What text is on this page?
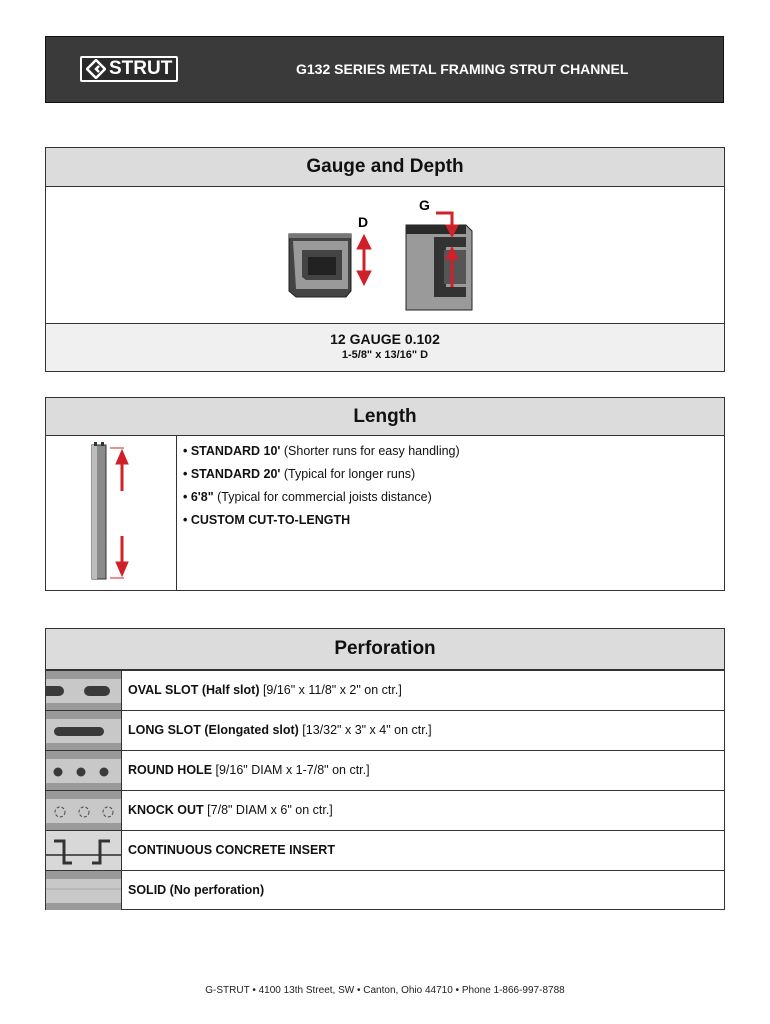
STRUT	G132 SERIES METAL FRAMING STRUT CHANNEL
Gauge and Depth
D
G
12 GAUGE 0.102
1-5/8" x 13/16" D
Length
• STANDARD 10' (Shorter runs for easy handling)
• STANDARD 20' (Typical for longer runs)
• 6'8" (Typical for commercial joists distance)
• CUSTOM CUT-TO-LENGTH
Perforation
OVAL SLOT (Half slot) [9/16" x 11/8" x 2" on ctr.]
LONG SLOT (Elongated slot) [13/32" x 3" x 4" on ctr.]
ROUND HOLE [9/16" DIAM x 1-7/8" on ctr.]
KNOCK OUT [7/8" DIAM x 6" on ctr.]
CONTINUOUS CONCRETE INSERT
SOLID (No perforation)
G-STRUT • 4100 13th Street, SW • Canton, Ohio 44710 • Phone 1-866-997-8788
